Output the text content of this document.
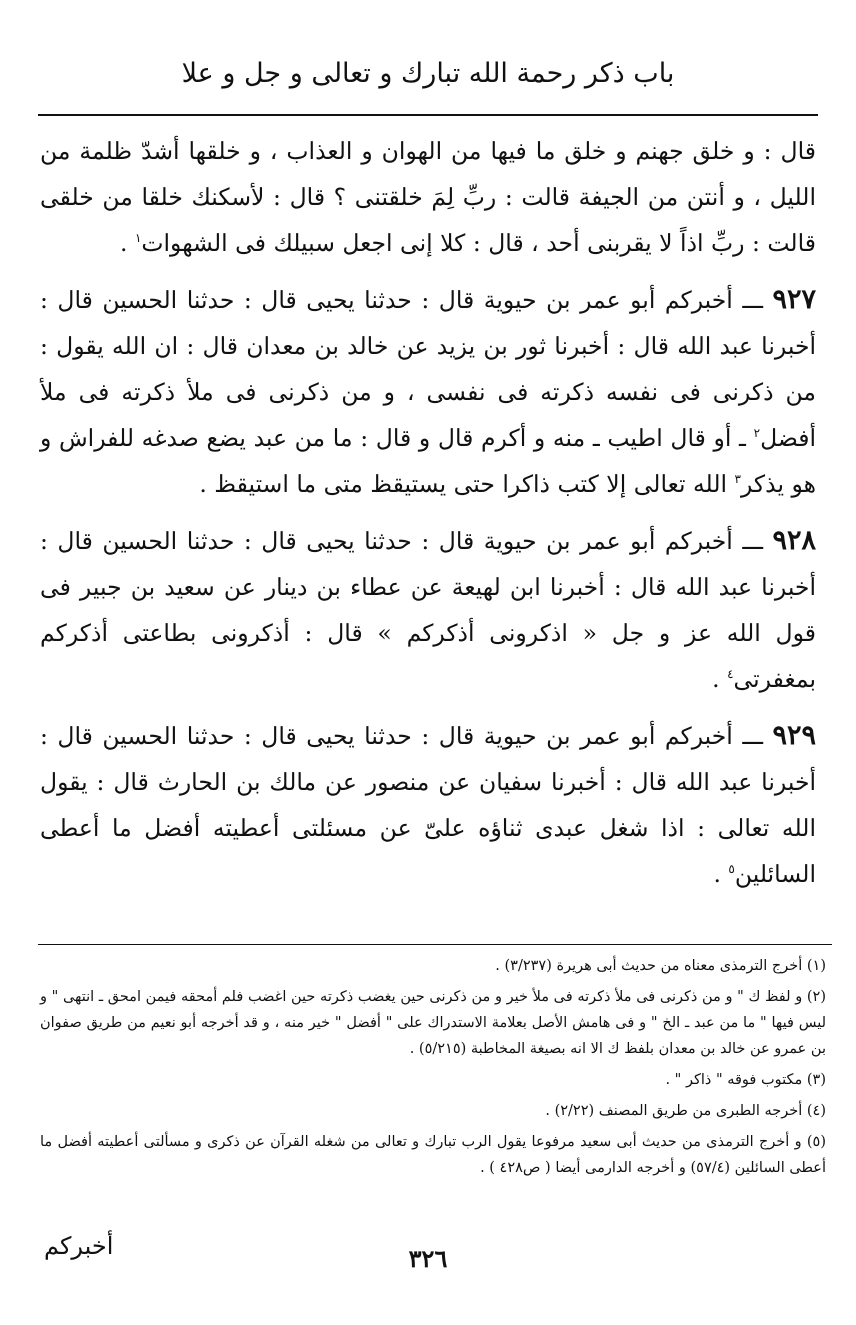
باب ذكر رحمة الله تبارك و تعالى و جل و علا

قال : و خلق جهنم و خلق ما فيها من الهوان و العذاب ، و خلقها أشدّ ظلمة من الليل ، و أنتن من الجيفة قالت : ربِّ لِمَ خلقتنى ؟ قال : لأسكنك خلقا من خلقى قالت : ربِّ اذاً لا يقربنى أحد ، قال : كلا إنى اجعل سبيلك فى الشهوات$^١$ .

٩٢٧ ـــ أخبركم أبو عمر بن حيوية قال : حدثنا يحيى قال : حدثنا الحسين قال : أخبرنا عبد الله قال : أخبرنا ثور بن يزيد عن خالد بن معدان قال : ان الله يقول : من ذكرنى فى نفسه ذكرته فى نفسى ، و من ذكرنى فى ملأ ذكرته فى ملأ أفضل$^٢$ ـ أو قال اطيب ـ منه و أكرم قال و قال : ما من عبد يضع صدغه للفراش و هو يذكر$^٣$ الله تعالى إلا كتب ذاكرا حتى يستيقظ متى ما استيقظ .

٩٢٨ ـــ أخبركم أبو عمر بن حيوية قال : حدثنا يحيى قال : حدثنا الحسين قال : أخبرنا عبد الله قال : أخبرنا ابن لهيعة عن عطاء بن دينار عن سعيد بن جبير فى قول الله عز و جل « اذكرونى أذكركم » قال : أذكرونى بطاعتى أذكركم بمغفرتى$^٤$ .

٩٢٩ ـــ أخبركم أبو عمر بن حيوية قال : حدثنا يحيى قال : حدثنا الحسين قال : أخبرنا عبد الله قال : أخبرنا سفيان عن منصور عن مالك بن الحارث قال : يقول الله تعالى : اذا شغل عبدى ثناؤه علىّ عن مسئلتى أعطيته أفضل ما أعطى السائلين$^٥$ .

(١) أخرج الترمذى معناه من حديث أبى هريرة (٣/٢٣٧) .

(٢) و لفظ ك " و من ذكرنى فى ملأ ذكرته فى ملأ خير و من ذكرنى حين يغضب ذكرته حين اغضب فلم أمحقه فيمن امحق ـ انتهى " و ليس فيها " ما من عبد ـ الخ " و فى هامش الأصل بعلامة الاستدراك على " أفضل " خير منه ، و قد أخرجه أبو نعيم من طريق صفوان بن عمرو عن خالد بن معدان بلفظ ك الا انه بصيغة المخاطبة (٥/٢١٥) .

(٣) مكتوب فوقه " ذاكر " .

(٤) أخرجه الطبرى من طريق المصنف (٢/٢٢) .

(٥) و أخرج الترمذى من حديث أبى سعيد مرفوعا يقول الرب تبارك و تعالى من شغله القرآن عن ذكرى و مسألتى أعطيته أفضل ما أعطى السائلين (٥٧/٤) و أخرجه الدارمى أيضا ( ص٤٢٨ ) .

٣٢٦
أخبركم
